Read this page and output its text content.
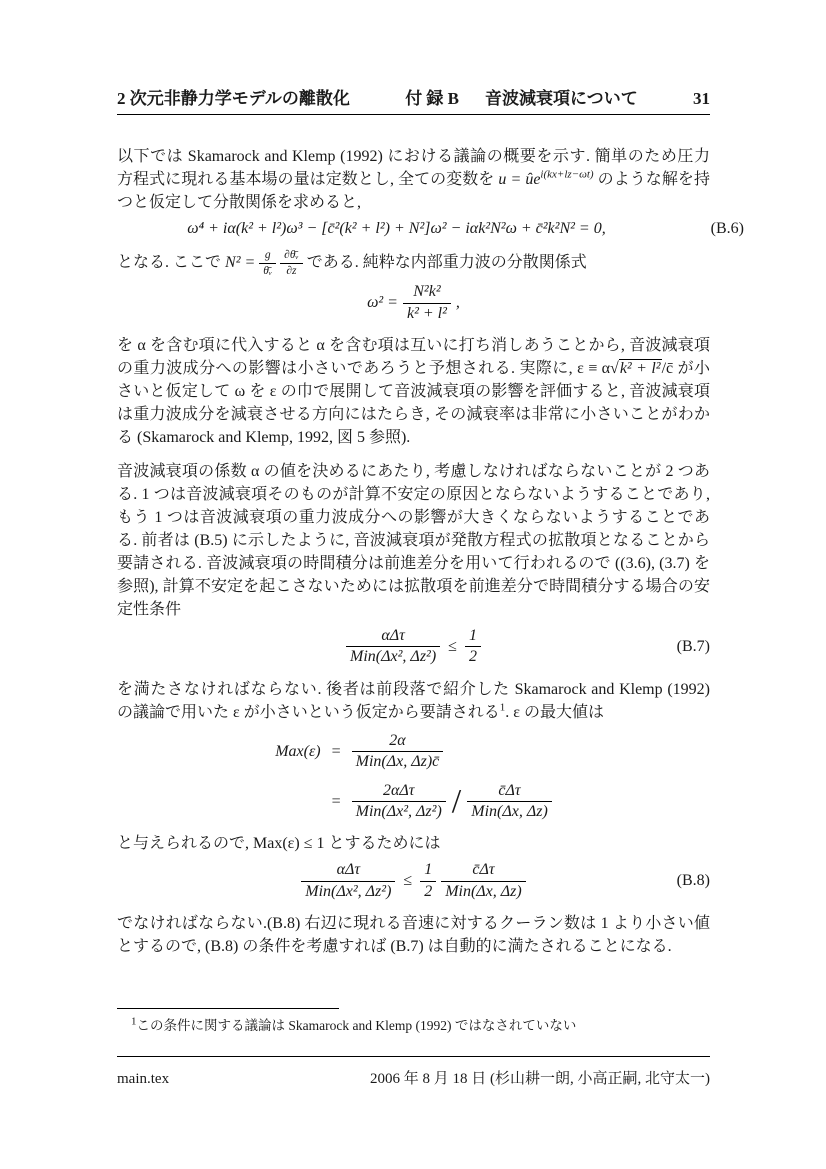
2 次元非静力学モデルの離散化	付 録 B 音波減衰項について	31

以下では Skamarock and Klemp (1992) における議論の概要を示す. 簡単のため圧力方程式に現れる基本場の量は定数とし, 全ての変数を $u = ûe^{i(kx+lz-\omega t)}$ のような解を持つと仮定して分散関係を求めると,

ω⁴ + iα(k² + l²)ω³ − [c̄²(k² + l²) + N²]ω² − iαk²N²ω + c̄²k²N² = 0,	(B.6)

となる. ここで $N^2 = \frac{g}{\text{θ̄ᵥ}}$
$\frac{\text{∂θ̄ᵥ}}{\partial z}$ である. 純粋な内部重力波の分散関係式

$\omega^2 = \frac{\text{N²k²}}{\text{k² + l²}}$ ,

を α を含む項に代入すると α を含む項は互いに打ち消しあうことから, 音波減衰項の重力波成分への影響は小さいであろうと予想される. 実際に, ε ≡ α√k² + l²/c̄ が小さいと仮定して ω を ε の巾で展開して音波減衰項の影響を評価すると, 音波減衰項は重力波成分を減衰させる方向にはたらき, その減衰率は非常に小さいことがわかる (Skamarock and Klemp, 1992, 図 5 参照).

音波減衰項の係数 α の値を決めるにあたり, 考慮しなければならないことが 2 つある. 1 つは音波減衰項そのものが計算不安定の原因とならないようすることであり, もう 1 つは音波減衰項の重力波成分への影響が大きくならないようすることである. 前者は (B.5) に示したように, 音波減衰項が発散方程式の拡散項となることから要請される. 音波減衰項の時間積分は前進差分を用いて行われるので ((3.6), (3.7) を参照), 計算不安定を起こさないためには拡散項を前進差分で時間積分する場合の安定性条件

$\frac{\text{αΔτ}}{\text{Min(Δx², Δz²)}} \le \frac{1}{2}$	(B.7)

を満たさなければならない. 後者は前段落で紹介した Skamarock and Klemp (1992) の議論で用いた ε が小さいという仮定から要請される$^1$. ε の最大値は

$Max(\varepsilon) = \frac{2\alpha}{\text{Min(Δx, Δz)c̄}}$
= $\frac{\text{2αΔτ}}{\text{Min(Δx², Δz²)}} / \frac{c̄\Delta\tau}{\text{Min(Δx, Δz)}}$

と与えられるので, Max(ε) ≤ 1 とするためには

$\frac{\text{αΔτ}}{\text{Min(Δx², Δz²)}} \le \frac{1}{2} \frac{c̄\Delta\tau}{\text{Min(Δx, Δz)}}$	(B.8)

でなければならない.(B.8) 右辺に現れる音速に対するクーラン数は 1 より小さい値とするので, (B.8) の条件を考慮すれば (B.7) は自動的に満たされることになる.

$^1$この条件に関する議論は Skamarock and Klemp (1992) ではなされていない
main.tex	2006 年 8 月 18 日 (杉山耕一朗, 小高正嗣, 北守太一)
